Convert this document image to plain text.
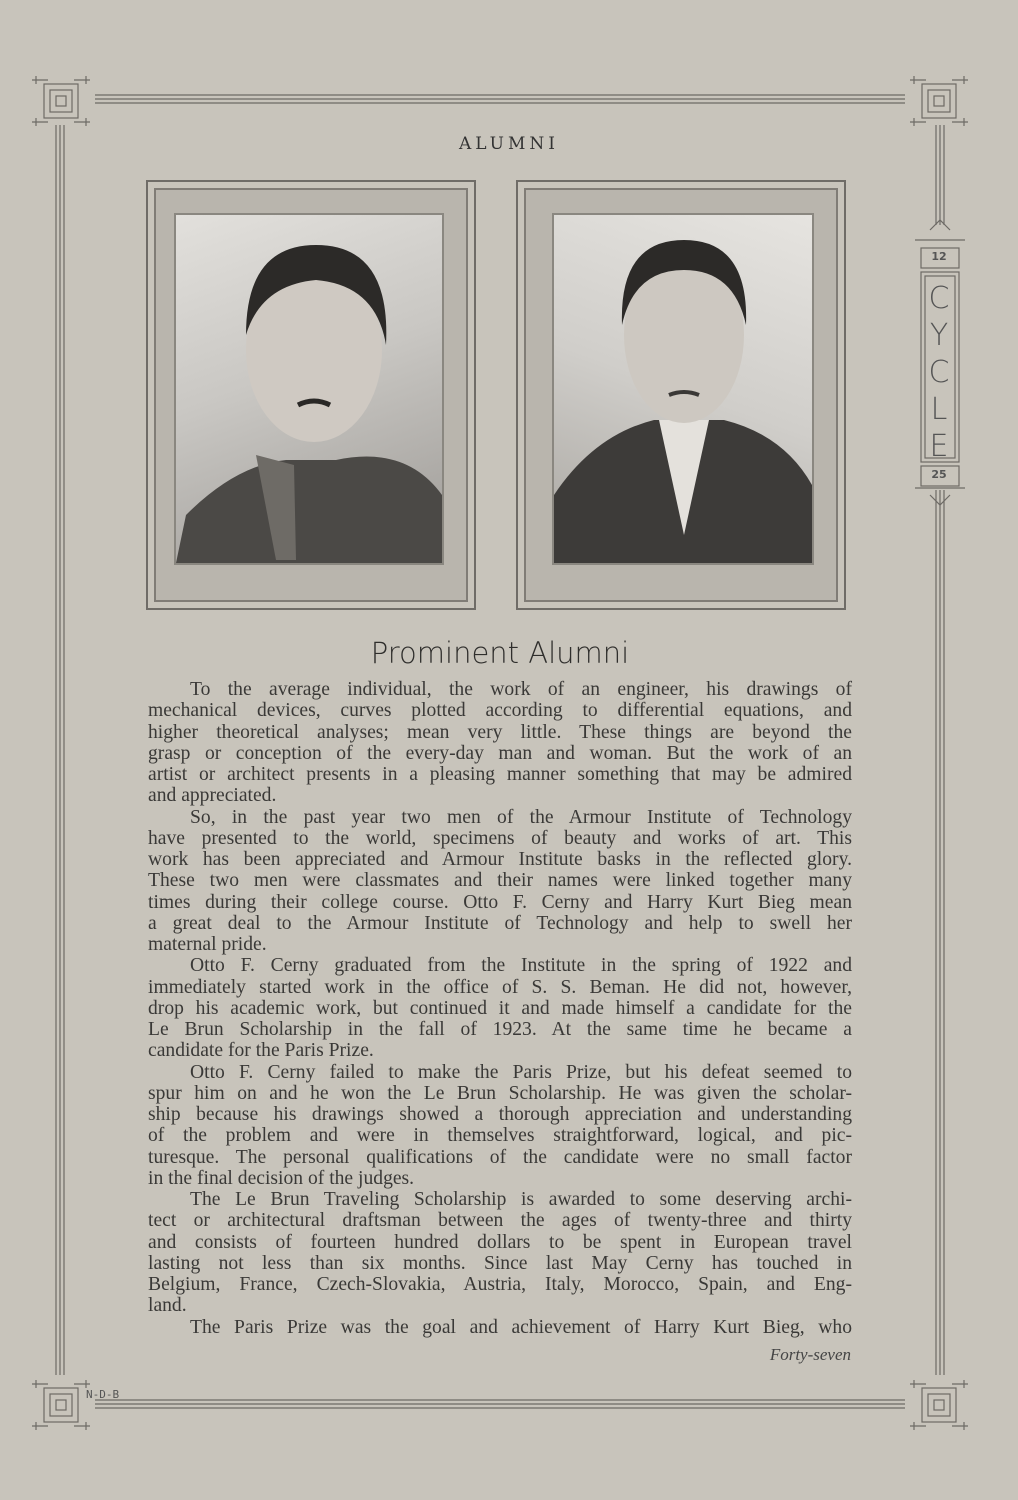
12
C
Y
C
L
E
25
ALUMNI
Prominent Alumni
To the average individual, the work of an engineer, his drawings of
mechanical devices, curves plotted according to differential equations, and
higher theoretical analyses; mean very little. These things are beyond the
grasp or conception of the every-day man and woman. But the work of an
artist or architect presents in a pleasing manner something that may be admired
and appreciated.
So, in the past year two men of the Armour Institute of Technology
have presented to the world, specimens of beauty and works of art. This
work has been appreciated and Armour Institute basks in the reflected glory.
These two men were classmates and their names were linked together many
times during their college course. Otto F. Cerny and Harry Kurt Bieg mean
a great deal to the Armour Institute of Technology and help to swell her
maternal pride.
Otto F. Cerny graduated from the Institute in the spring of 1922 and
immediately started work in the office of S. S. Beman. He did not, however,
drop his academic work, but continued it and made himself a candidate for the
Le Brun Scholarship in the fall of 1923. At the same time he became a
candidate for the Paris Prize.
Otto F. Cerny failed to make the Paris Prize, but his defeat seemed to
spur him on and he won the Le Brun Scholarship. He was given the scholar-
ship because his drawings showed a thorough appreciation and understanding
of the problem and were in themselves straightforward, logical, and pic-
turesque. The personal qualifications of the candidate were no small factor
in the final decision of the judges.
The Le Brun Traveling Scholarship is awarded to some deserving archi-
tect or architectural draftsman between the ages of twenty-three and thirty
and consists of fourteen hundred dollars to be spent in European travel
lasting not less than six months. Since last May Cerny has touched in
Belgium, France, Czech-Slovakia, Austria, Italy, Morocco, Spain, and Eng-
land.
The Paris Prize was the goal and achievement of Harry Kurt Bieg, who
Forty-seven
N-D-B
